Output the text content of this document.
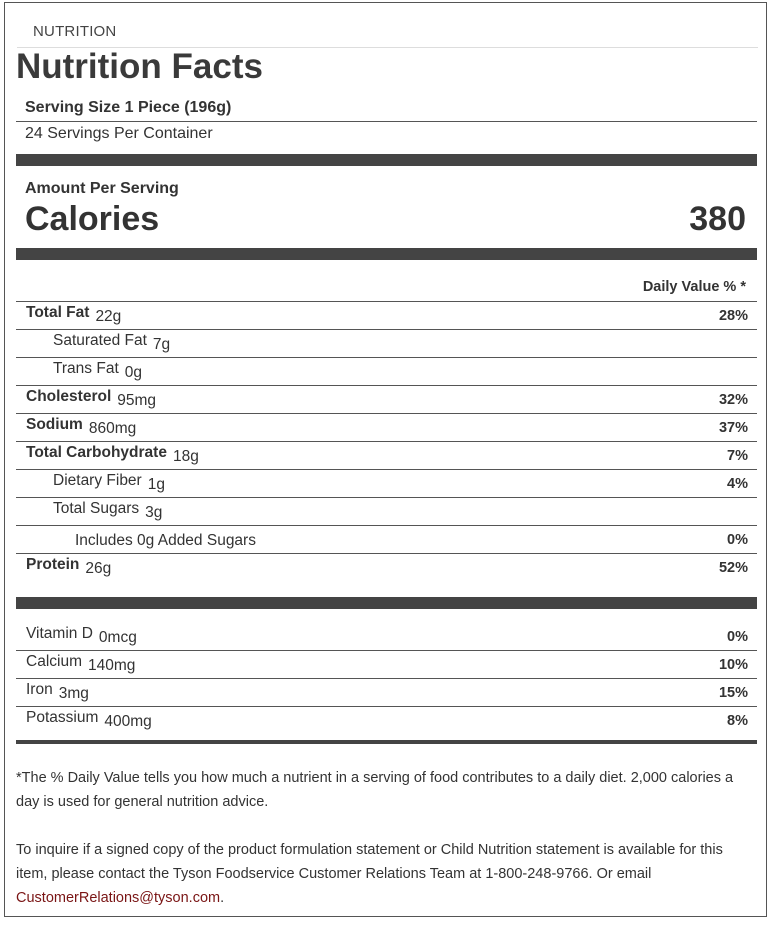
NUTRITION
Nutrition Facts
Serving Size 1 Piece (196g)
24 Servings Per Container
Amount Per Serving
Calories	380
Daily Value % *
Total Fat 22g	28%
Saturated Fat 7g
Trans Fat 0g
Cholesterol 95mg	32%
Sodium 860mg	37%
Total Carbohydrate 18g	7%
Dietary Fiber 1g	4%
Total Sugars 3g
Includes 0g Added Sugars	0%
Protein 26g	52%
Vitamin D 0mcg	0%
Calcium 140mg	10%
Iron 3mg	15%
Potassium 400mg	8%
*The % Daily Value tells you how much a nutrient in a serving of food contributes to a daily diet. 2,000 calories a day is used for general nutrition advice.
To inquire if a signed copy of the product formulation statement or Child Nutrition statement is available for this item, please contact the Tyson Foodservice Customer Relations Team at 1-800-248-9766. Or email CustomerRelations@tyson.com.
